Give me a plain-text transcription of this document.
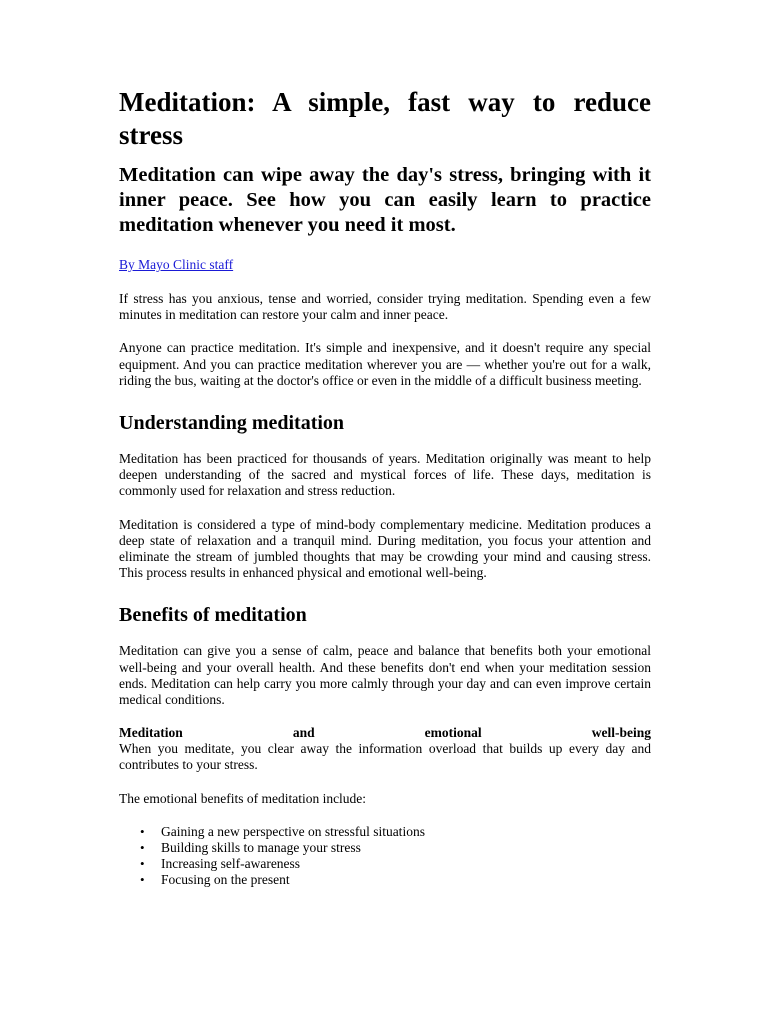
Meditation: A simple, fast way to reduce stress
Meditation can wipe away the day's stress, bringing with it inner peace. See how you can easily learn to practice meditation whenever you need it most.
By Mayo Clinic staff

If stress has you anxious, tense and worried, consider trying meditation. Spending even a few minutes in meditation can restore your calm and inner peace.

Anyone can practice meditation. It's simple and inexpensive, and it doesn't require any special equipment. And you can practice meditation wherever you are — whether you're out for a walk, riding the bus, waiting at the doctor's office or even in the middle of a difficult business meeting.

Understanding meditation

Meditation has been practiced for thousands of years. Meditation originally was meant to help deepen understanding of the sacred and mystical forces of life. These days, meditation is commonly used for relaxation and stress reduction.

Meditation is considered a type of mind-body complementary medicine. Meditation produces a deep state of relaxation and a tranquil mind. During meditation, you focus your attention and eliminate the stream of jumbled thoughts that may be crowding your mind and causing stress. This process results in enhanced physical and emotional well-being.

Benefits of meditation

Meditation can give you a sense of calm, peace and balance that benefits both your emotional well-being and your overall health. And these benefits don't end when your meditation session ends. Meditation can help carry you more calmly through your day and can even improve certain medical conditions.

Meditation	and	emotional	well-being

When you meditate, you clear away the information overload that builds up every day and contributes to your stress.

The emotional benefits of meditation include:

• Gaining a new perspective on stressful situations
• Building skills to manage your stress
• Increasing self-awareness
• Focusing on the present
